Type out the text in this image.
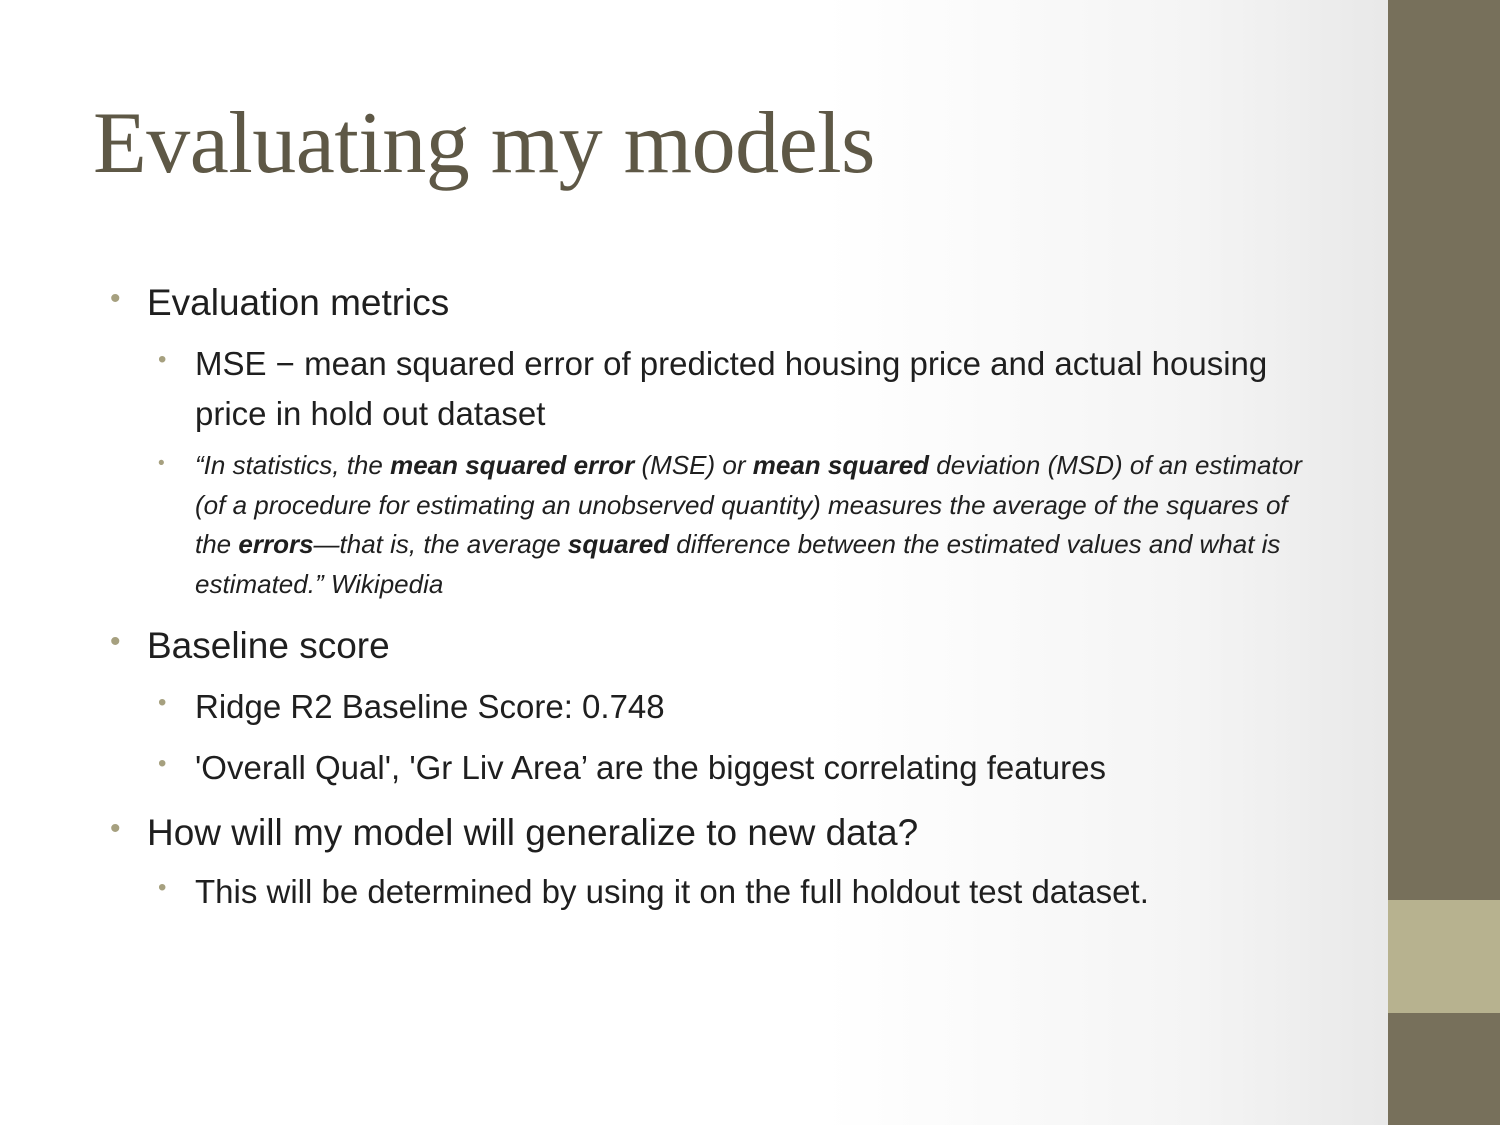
Evaluating my models
• Evaluation metrics
• MSE − mean squared error of predicted housing price and actual housing price in hold out dataset
• “In statistics, the mean squared error (MSE) or mean squared deviation (MSD) of an estimator (of a procedure for estimating an unobserved quantity) measures the average of the squares of the errors—that is, the average squared difference between the estimated values and what is estimated.” Wikipedia
• Baseline score
• Ridge R2 Baseline Score: 0.748
• 'Overall Qual', 'Gr Liv Area’ are the biggest correlating features
• How will my model will generalize to new data?
• This will be determined by using it on the full holdout test dataset.
